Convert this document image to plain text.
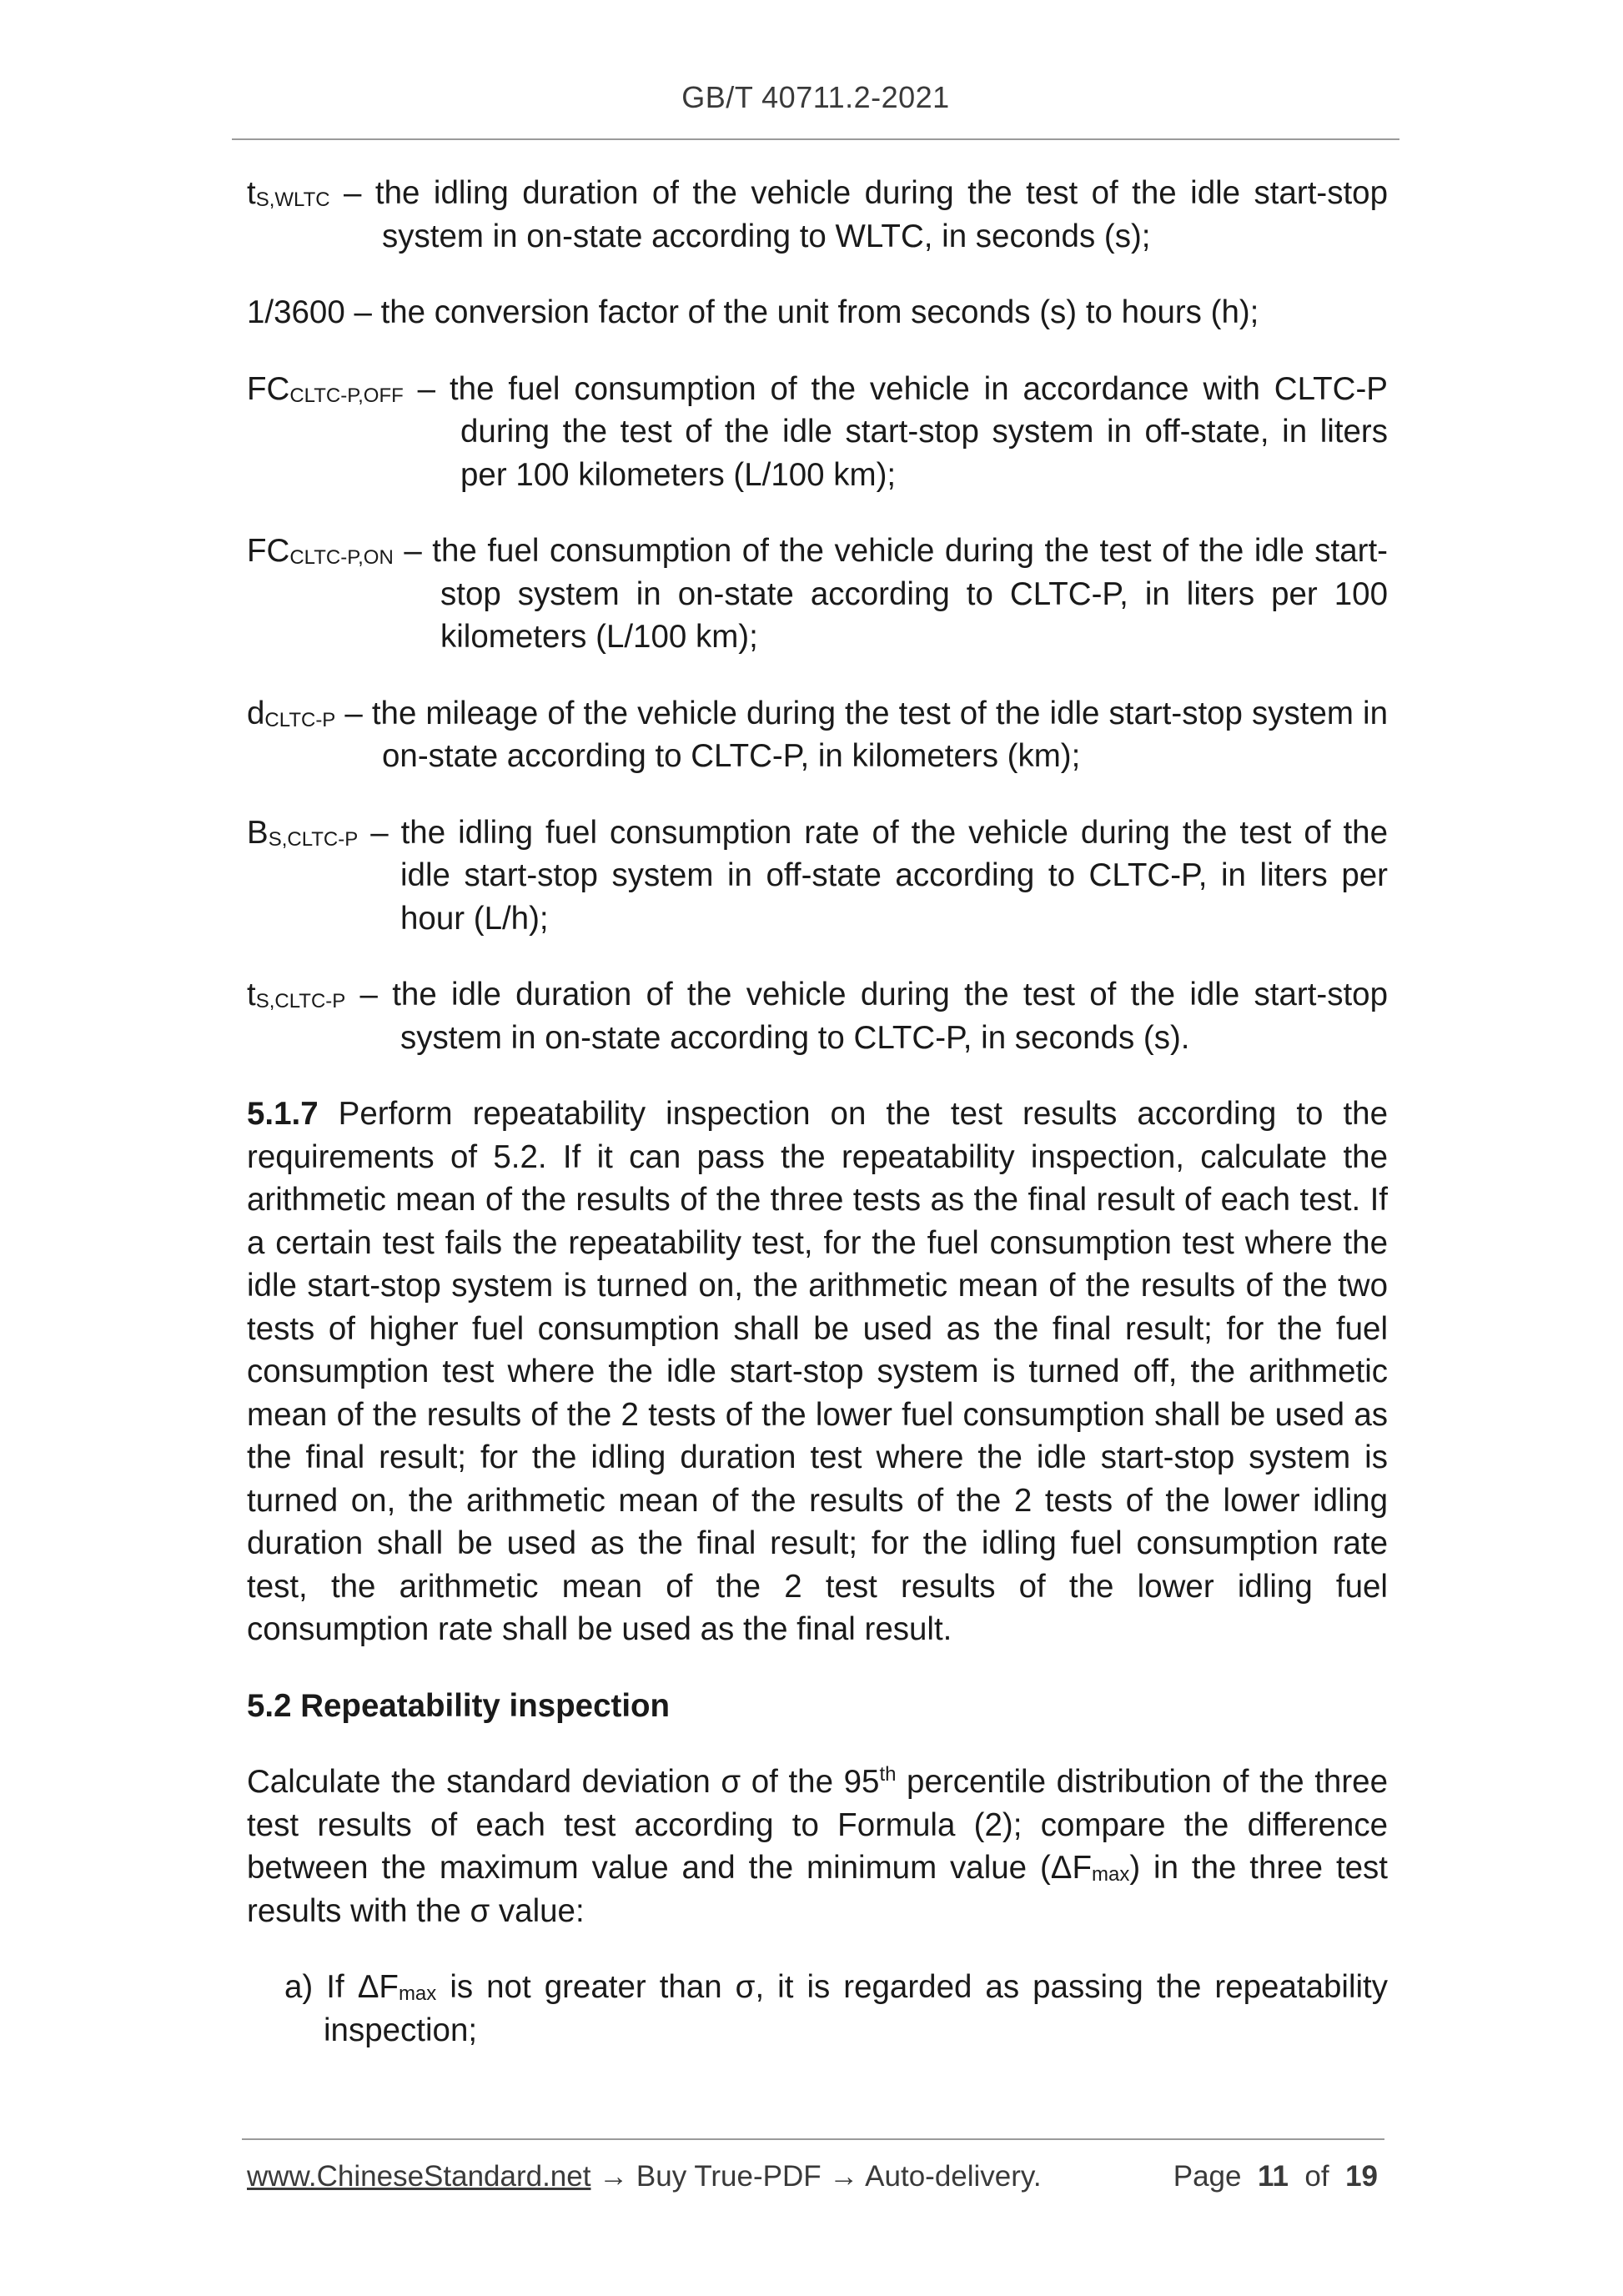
GB/T 40711.2-2021

$t_{S,WLTC}$ – the idling duration of the vehicle during the test of the idle start-stop system in on-state according to WLTC, in seconds (s);

1/3600 – the conversion factor of the unit from seconds (s) to hours (h);

$FC_{CLTC-P,OFF}$ – the fuel consumption of the vehicle in accordance with CLTC-P during the test of the idle start-stop system in off-state, in liters per 100 kilometers (L/100 km);

$FC_{CLTC-P,ON}$ – the fuel consumption of the vehicle during the test of the idle start-stop system in on-state according to CLTC-P, in liters per 100 kilometers (L/100 km);

$d_{CLTC-P}$ – the mileage of the vehicle during the test of the idle start-stop system in on-state according to CLTC-P, in kilometers (km);

$B_{S,CLTC-P}$ – the idling fuel consumption rate of the vehicle during the test of the idle start-stop system in off-state according to CLTC-P, in liters per hour (L/h);

$t_{S,CLTC-P}$ – the idle duration of the vehicle during the test of the idle start-stop system in on-state according to CLTC-P, in seconds (s).

5.1.7 Perform repeatability inspection on the test results according to the requirements of 5.2. If it can pass the repeatability inspection, calculate the arithmetic mean of the results of the three tests as the final result of each test. If a certain test fails the repeatability test, for the fuel consumption test where the idle start-stop system is turned on, the arithmetic mean of the results of the two tests of higher fuel consumption shall be used as the final result; for the fuel consumption test where the idle start-stop system is turned off, the arithmetic mean of the results of the 2 tests of the lower fuel consumption shall be used as the final result; for the idling duration test where the idle start-stop system is turned on, the arithmetic mean of the results of the 2 tests of the lower idling duration shall be used as the final result; for the idling fuel consumption rate test, the arithmetic mean of the 2 test results of the lower idling fuel consumption rate shall be used as the final result.

5.2 Repeatability inspection

Calculate the standard deviation σ of the 95th percentile distribution of the three test results of each test according to Formula (2); compare the difference between the maximum value and the minimum value $(\Delta F_{max})$ in the three test results with the σ value:

a) If $\Delta F_{max}$ is not greater than σ, it is regarded as passing the repeatability inspection;

www.ChineseStandard.net → Buy True-PDF → Auto-delivery.	Page 11 of 19
